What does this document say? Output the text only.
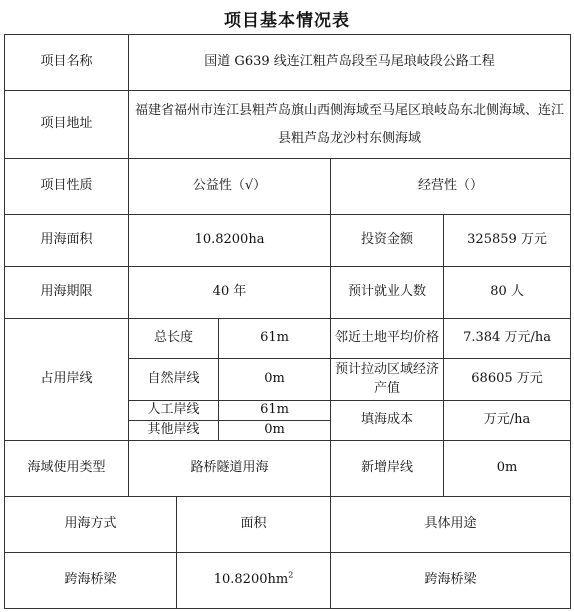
项目基本情况表
项目名称	国道 G639 线连江粗芦岛段至马尾琅岐段公路工程				
项目地址	福建省福州市连江县粗芦岛旗山西侧海域至马尾区琅岐岛东北侧海域、连江县粗芦岛龙沙村东侧海域				
项目性质	公益性（√）			经营性（）	
用海面积	10.8200ha			投资金额	325859 万元
用海期限	40 年			预计就业人数	80 人
占用岸线	总长度		61m	邻近土地平均价格	7.384 万元/ha
	自然岸线		0m	预计拉动区域经济产值	68605 万元
	人工岸线		61m	填海成本	万元/ha
	其他岸线		0m		
海域使用类型	路桥隧道用海			新增岸线	0m
用海方式		面积		具体用途	
跨海桥梁		$10.8200hm^2$		跨海桥梁	
